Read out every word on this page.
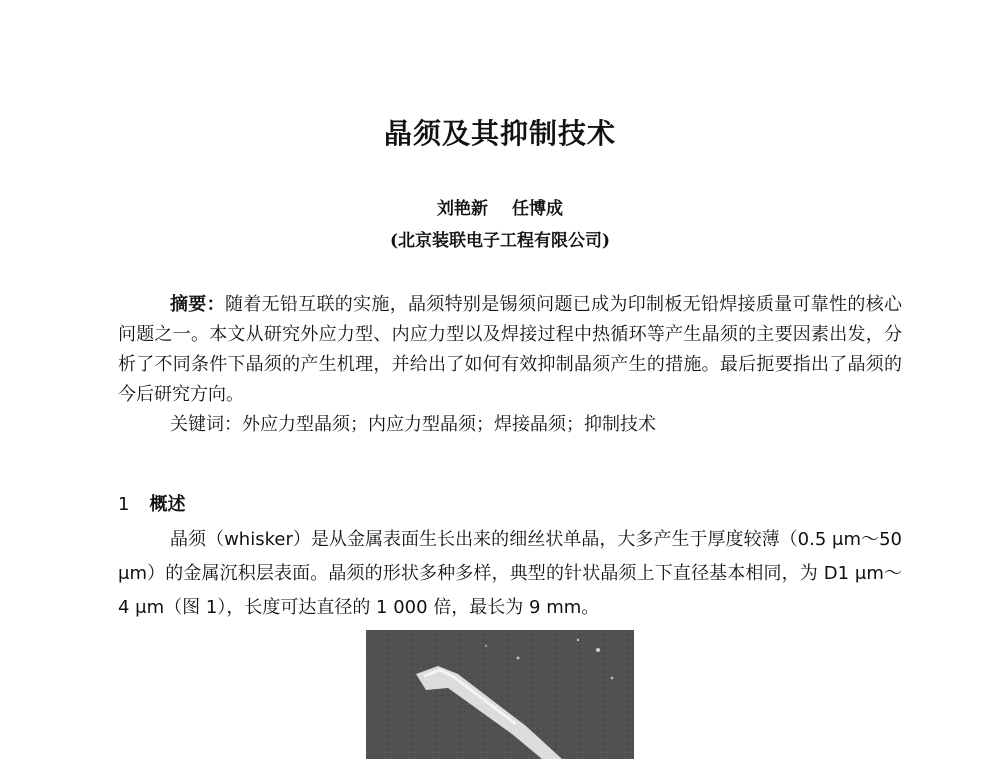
晶须及其抑制技术
刘艳新 任博成
(北京装联电子工程有限公司)

摘要：随着无铅互联的实施，晶须特别是锡须问题已成为印制板无铅焊接质量可靠性的核心问题之一。本文从研究外应力型、内应力型以及焊接过程中热循环等产生晶须的主要因素出发，分析了不同条件下晶须的产生机理，并给出了如何有效抑制晶须产生的措施。最后扼要指出了晶须的今后研究方向。

关键词：外应力型晶须；内应力型晶须；焊接晶须；抑制技术

1 概述

晶须（whisker）是从金属表面生长出来的细丝状单晶，大多产生于厚度较薄（0.5 μm～50 μm）的金属沉积层表面。晶须的形状多种多样，典型的针状晶须上下直径基本相同，为 D1 μm～4 μm（图 1），长度可达直径的 1 000 倍，最长为 9 mm。
